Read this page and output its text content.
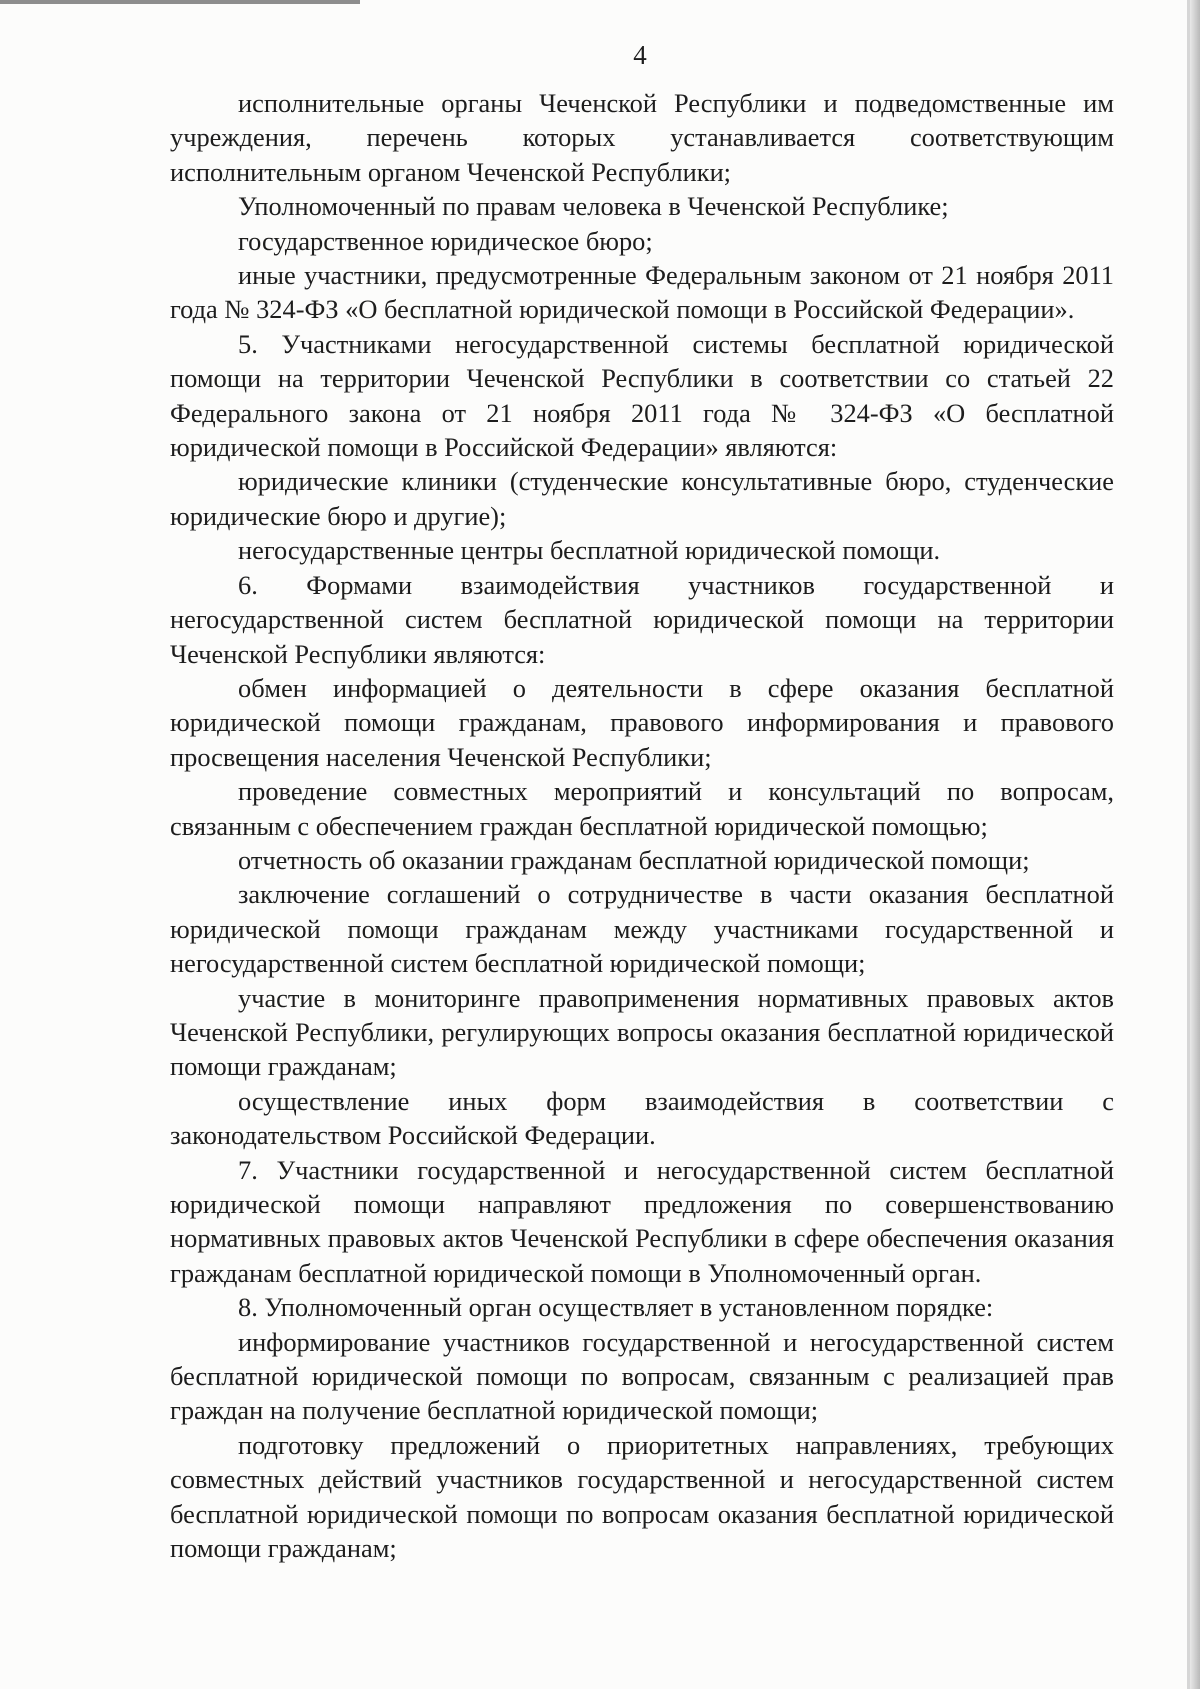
4

исполнительные органы Чеченской Республики и подведомственные им учреждения, перечень которых устанавливается соответствующим исполнительным органом Чеченской Республики;

Уполномоченный по правам человека в Чеченской Республике;

государственное юридическое бюро;

иные участники, предусмотренные Федеральным законом от 21 ноября 2011 года № 324-ФЗ «О бесплатной юридической помощи в Российской Федерации».

5. Участниками негосударственной системы бесплатной юридической помощи на территории Чеченской Республики в соответствии со статьей 22 Федерального закона от 21 ноября 2011 года № 324-ФЗ «О бесплатной юридической помощи в Российской Федерации» являются:

юридические клиники (студенческие консультативные бюро, студенческие юридические бюро и другие);

негосударственные центры бесплатной юридической помощи.

6. Формами взаимодействия участников государственной и негосударственной систем бесплатной юридической помощи на территории Чеченской Республики являются:

обмен информацией о деятельности в сфере оказания бесплатной юридической помощи гражданам, правового информирования и правового просвещения населения Чеченской Республики;

проведение совместных мероприятий и консультаций по вопросам, связанным с обеспечением граждан бесплатной юридической помощью;

отчетность об оказании гражданам бесплатной юридической помощи;

заключение соглашений о сотрудничестве в части оказания бесплатной юридической помощи гражданам между участниками государственной и негосударственной систем бесплатной юридической помощи;

участие в мониторинге правоприменения нормативных правовых актов Чеченской Республики, регулирующих вопросы оказания бесплатной юридической помощи гражданам;

осуществление иных форм взаимодействия в соответствии с законодательством Российской Федерации.

7. Участники государственной и негосударственной систем бесплатной юридической помощи направляют предложения по совершенствованию нормативных правовых актов Чеченской Республики в сфере обеспечения оказания гражданам бесплатной юридической помощи в Уполномоченный орган.

8. Уполномоченный орган осуществляет в установленном порядке:

информирование участников государственной и негосударственной систем бесплатной юридической помощи по вопросам, связанным с реализацией прав граждан на получение бесплатной юридической помощи;

подготовку предложений о приоритетных направлениях, требующих совместных действий участников государственной и негосударственной систем бесплатной юридической помощи по вопросам оказания бесплатной юридической помощи гражданам;
